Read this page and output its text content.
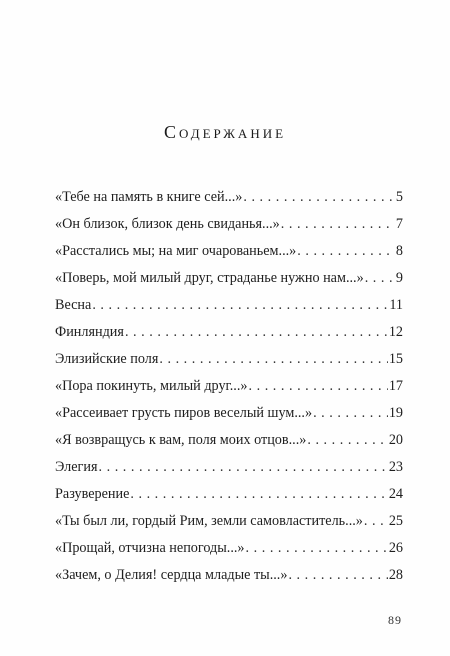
Содержание
«Тебе на память в книге сей...» . . .	5
«Он близок, близок день свиданья...» . . .	7
«Расстались мы; на миг очарованьем...» . . .	8
«Поверь, мой милый друг, страданье нужно нам...» . . . 9
Весна . . .	11
Финляндия . . .	12
Элизийские поля . . .	15
«Пора покинуть, милый друг...» . . .	17
«Рассеивает грусть пиров веселый шум...» . . .	19
«Я возвращусь к вам, поля моих отцов...» . . .	20
Элегия . . .	23
Разуверение . . .	24
«Ты был ли, гордый Рим, земли самовластитель...» . . . 25
«Прощай, отчизна непогоды...» . . .	26
«Зачем, о Делия! сердца младые ты...» . . .	28
89
